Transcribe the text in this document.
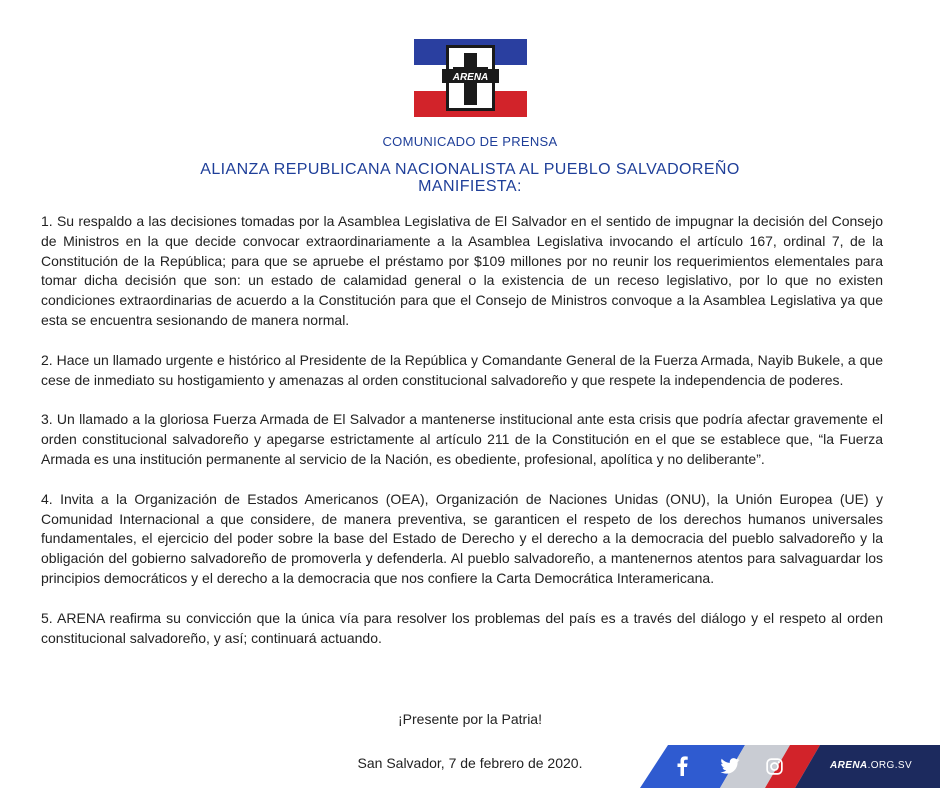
ARENA
COMUNICADO DE PRENSA
ALIANZA REPUBLICANA NACIONALISTA AL PUEBLO SALVADOREÑO
MANIFIESTA:

1. Su respaldo a las decisiones tomadas por la Asamblea Legislativa de El Salvador en el sentido de impugnar la decisión del Consejo de Ministros en la que decide convocar extraordinariamente a la Asamblea Legislativa invocando el artículo 167, ordinal 7, de la Constitución de la República; para que se apruebe el préstamo por $109 millones por no reunir los requerimientos elementales para tomar dicha decisión que son: un estado de calamidad general o la existencia de un receso legislativo, por lo que no existen condiciones extraordinarias de acuerdo a la Constitución para que el Consejo de Ministros convoque a la Asamblea Legislativa ya que esta se encuentra sesionando de manera normal.

2. Hace un llamado urgente e histórico al Presidente de la República y Comandante General de la Fuerza Armada, Nayib Bukele, a que cese de inmediato su hostigamiento y amenazas al orden constitucional salvadoreño y que respete la independencia de poderes.

3. Un llamado a la gloriosa Fuerza Armada de El Salvador a mantenerse institucional ante esta crisis que podría afectar gravemente el orden constitucional salvadoreño y apegarse estrictamente al artículo 211 de la Constitución en el que se establece que, “la Fuerza Armada es una institución permanente al servicio de la Nación, es obediente, profesional, apolítica y no deliberante”.

4. Invita a la Organización de Estados Americanos (OEA), Organización de Naciones Unidas (ONU), la Unión Europea (UE) y Comunidad Internacional a que considere, de manera preventiva, se garanticen el respeto de los derechos humanos universales fundamentales, el ejercicio del poder sobre la base del Estado de Derecho y el derecho a la democracia del pueblo salvadoreño y la obligación del gobierno salvadoreño de promoverla y defenderla. Al pueblo salvadoreño, a mantenernos atentos para salvaguardar los principios democráticos y el derecho a la democracia que nos confiere la Carta Democrática Interamericana.

5. ARENA reafirma su convicción que la única vía para resolver los problemas del país es a través del diálogo y el respeto al orden constitucional salvadoreño, y así; continuará actuando.

¡Presente por la Patria!
San Salvador, 7 de febrero de 2020.	ARENA.ORG.SV
